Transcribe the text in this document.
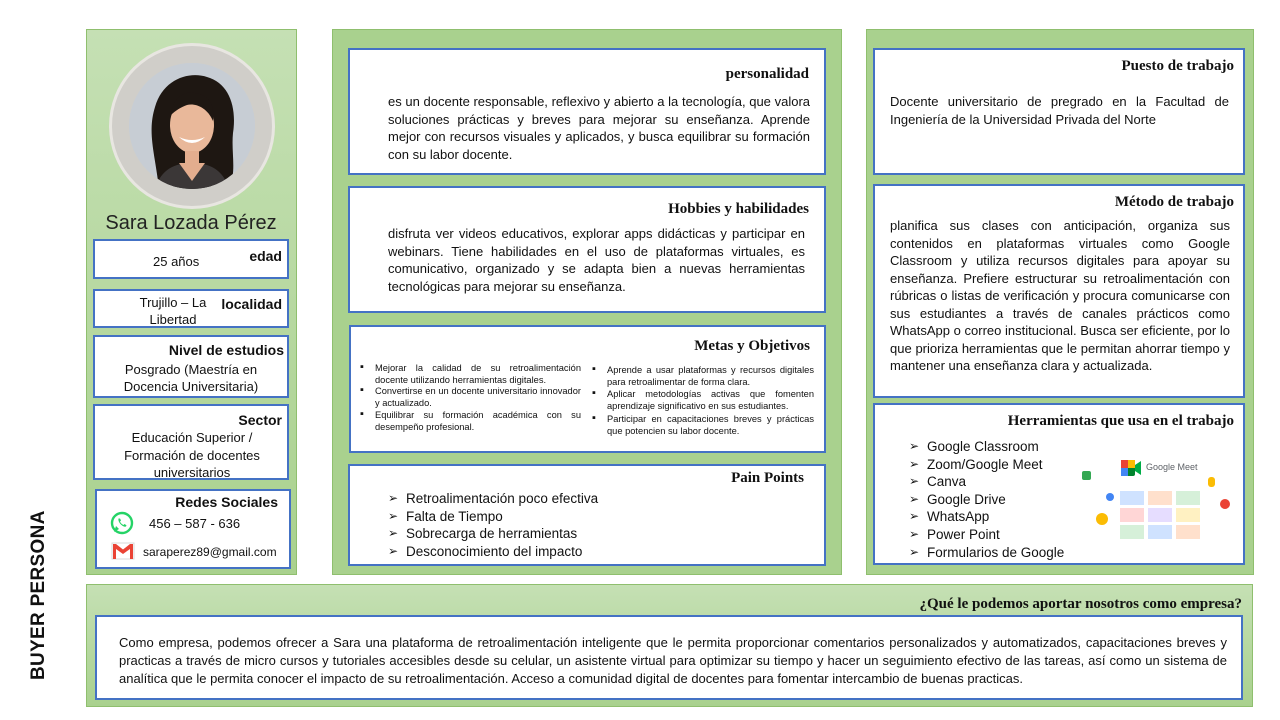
BUYER PERSONA
Sara Lozada Pérez
edad
25 años
localidad
Trujillo – La Libertad
Nivel de estudios
Posgrado (Maestría en Docencia Universitaria)
Sector
Educación Superior / Formación de docentes universitarios
Redes Sociales
456 – 587 - 636
saraperez89@gmail.com
personalidad
es un docente responsable, reflexivo y abierto a la tecnología, que valora soluciones prácticas y breves para mejorar su enseñanza. Aprende mejor con recursos visuales y aplicados, y busca equilibrar su formación con su labor docente.
Hobbies y habilidades
disfruta ver videos educativos, explorar apps didácticas y participar en webinars. Tiene habilidades en el uso de plataformas virtuales, es comunicativo, organizado y se adapta bien a nuevas herramientas tecnológicas para mejorar su enseñanza.
Metas y Objetivos
▪ Mejorar la calidad de su retroalimentación docente utilizando herramientas digitales.
▪ Convertirse en un docente universitario innovador y actualizado.
▪ Equilibrar su formación académica con su desempeño profesional.
▪ Aprende a usar plataformas y recursos digitales para retroalimentar de forma clara.
▪ Aplicar metodologías activas que fomenten aprendizaje significativo en sus estudiantes.
▪ Participar en capacitaciones breves y prácticas que potencien su labor docente.
Pain Points
➢ Retroalimentación poco efectiva
➢ Falta de Tiempo
➢ Sobrecarga de herramientas
➢ Desconocimiento del impacto
Puesto de trabajo
Docente universitario de pregrado en la Facultad de Ingeniería de la Universidad Privada del Norte
Método de trabajo
planifica sus clases con anticipación, organiza sus contenidos en plataformas virtuales como Google Classroom y utiliza recursos digitales para apoyar su enseñanza. Prefiere estructurar su retroalimentación con rúbricas o listas de verificación y procura comunicarse con sus estudiantes a través de canales prácticos como WhatsApp o correo institucional. Busca ser eficiente, por lo que prioriza herramientas que le permitan ahorrar tiempo y mantener una enseñanza clara y actualizada.
Herramientas que usa en el trabajo
➢ Google Classroom
➢ Zoom/Google Meet
➢ Canva
➢ Google Drive
➢ WhatsApp
➢ Power Point
➢ Formularios de Google
Google Meet
¿Qué le podemos aportar nosotros como empresa?
Como empresa, podemos ofrecer a Sara una plataforma de retroalimentación inteligente que le permita proporcionar comentarios personalizados y automatizados, capacitaciones breves y practicas a través de micro cursos y tutoriales accesibles desde su celular, un asistente virtual para optimizar su tiempo y hacer un seguimiento efectivo de las tareas, así como un sistema de analítica que le permita conocer el impacto de su retroalimentación. Acceso a comunidad digital de docentes para fomentar intercambio de buenas practicas.
